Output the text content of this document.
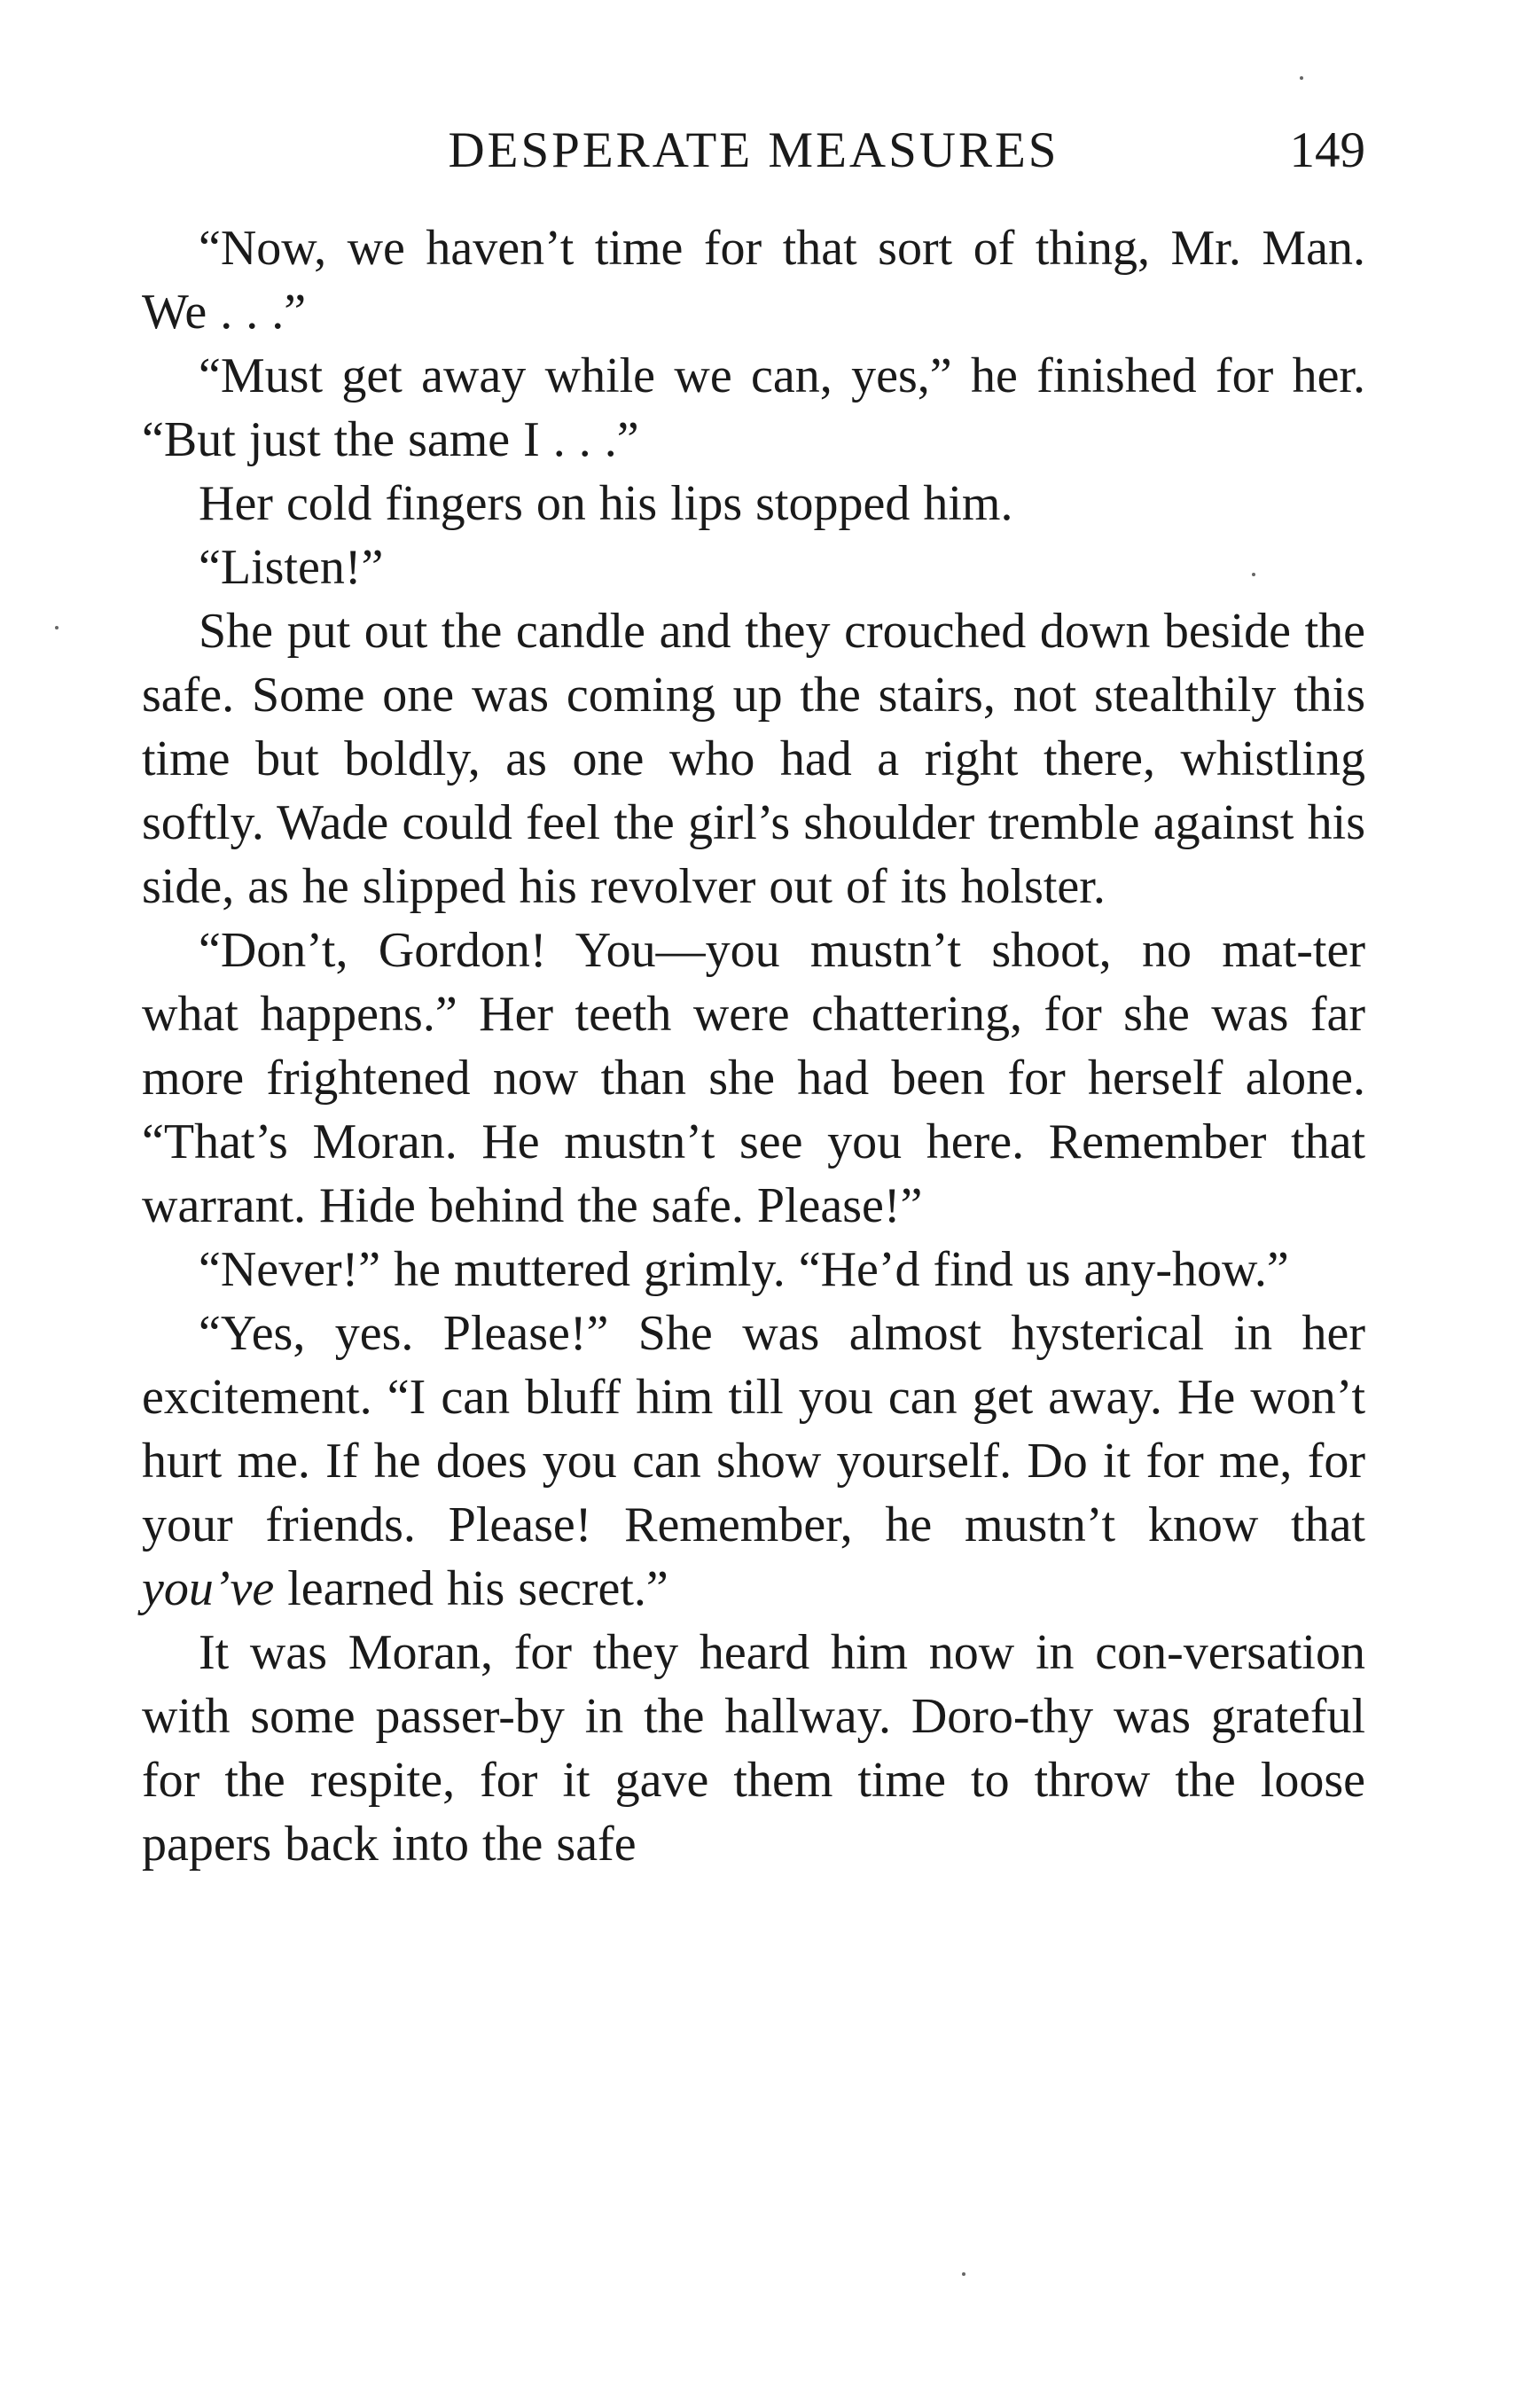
DESPERATE MEASURES	149

“Now, we haven’t time for that sort of thing, Mr. Man. We . . .”

“Must get away while we can, yes,” he finished for her. “But just the same I . . .”

Her cold fingers on his lips stopped him.

“Listen!”

She put out the candle and they crouched down beside the safe. Some one was coming up the stairs, not stealthily this time but boldly, as one who had a right there, whistling softly. Wade could feel the girl’s shoulder tremble against his side, as he slipped his revolver out of its holster.

“Don’t, Gordon! You—you mustn’t shoot, no mat-ter what happens.” Her teeth were chattering, for she was far more frightened now than she had been for herself alone. “That’s Moran. He mustn’t see you here. Remember that warrant. Hide behind the safe. Please!”

“Never!” he muttered grimly. “He’d find us any-how.”

“Yes, yes. Please!” She was almost hysterical in her excitement. “I can bluff him till you can get away. He won’t hurt me. If he does you can show yourself. Do it for me, for your friends. Please! Remember, he mustn’t know that you’ve learned his secret.”

It was Moran, for they heard him now in con-versation with some passer-by in the hallway. Doro-thy was grateful for the respite, for it gave them time to throw the loose papers back into the safe
